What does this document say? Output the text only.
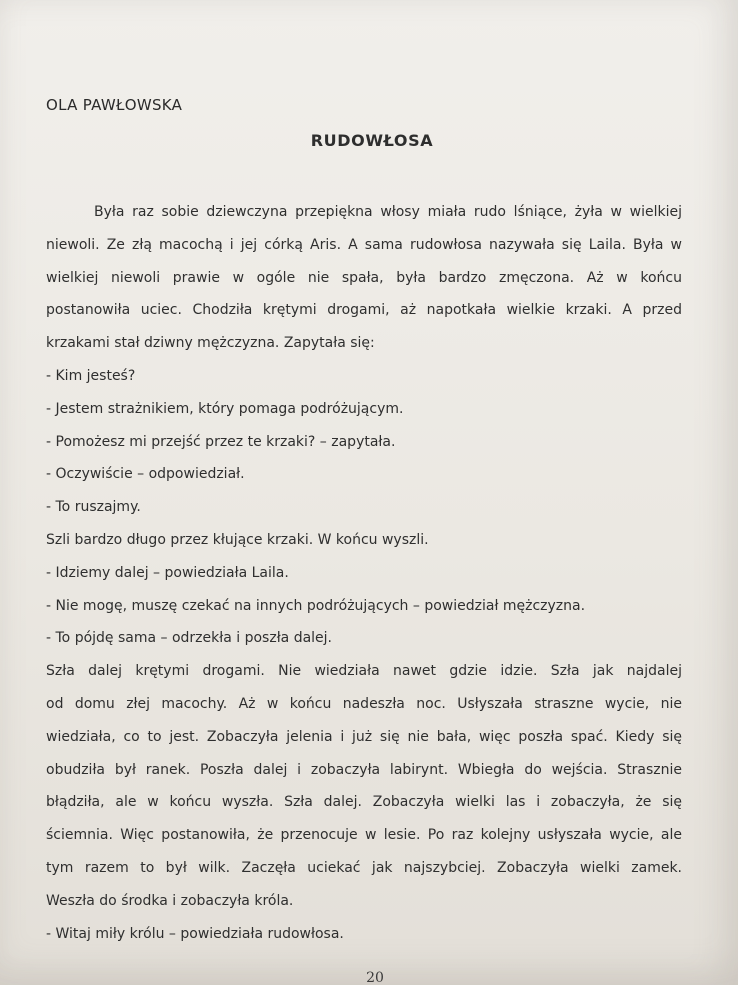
OLA PAWŁOWSKA
RUDOWŁOSA
Była raz sobie dziewczyna przepiękna włosy miała rudo lśniące, żyła w wielkiej
niewoli. Ze złą macochą i jej córką Aris. A sama rudowłosa nazywała się Laila. Była w
wielkiej niewoli prawie w ogóle nie spała, była bardzo zmęczona. Aż w końcu
postanowiła uciec. Chodziła krętymi drogami, aż napotkała wielkie krzaki. A przed
krzakami stał dziwny mężczyzna. Zapytała się:
- Kim jesteś?
- Jestem strażnikiem, który pomaga podróżującym.
- Pomożesz mi przejść przez te krzaki? – zapytała.
- Oczywiście – odpowiedział.
- To ruszajmy.
Szli bardzo długo przez kłujące krzaki. W końcu wyszli.
- Idziemy dalej – powiedziała Laila.
- Nie mogę, muszę czekać na innych podróżujących – powiedział mężczyzna.
- To pójdę sama – odrzekła i poszła dalej.
Szła dalej krętymi drogami. Nie wiedziała nawet gdzie idzie. Szła jak najdalej
od domu złej macochy. Aż w końcu nadeszła noc. Usłyszała straszne wycie, nie
wiedziała, co to jest. Zobaczyła jelenia i już się nie bała, więc poszła spać. Kiedy się
obudziła był ranek. Poszła dalej i zobaczyła labirynt. Wbiegła do wejścia. Strasznie
błądziła, ale w końcu wyszła. Szła dalej. Zobaczyła wielki las i zobaczyła, że się
ściemnia. Więc postanowiła, że przenocuje w lesie. Po raz kolejny usłyszała wycie, ale
tym razem to był wilk. Zaczęła uciekać jak najszybciej. Zobaczyła wielki zamek.
Weszła do środka i zobaczyła króla.
- Witaj miły królu – powiedziała rudowłosa.
20
